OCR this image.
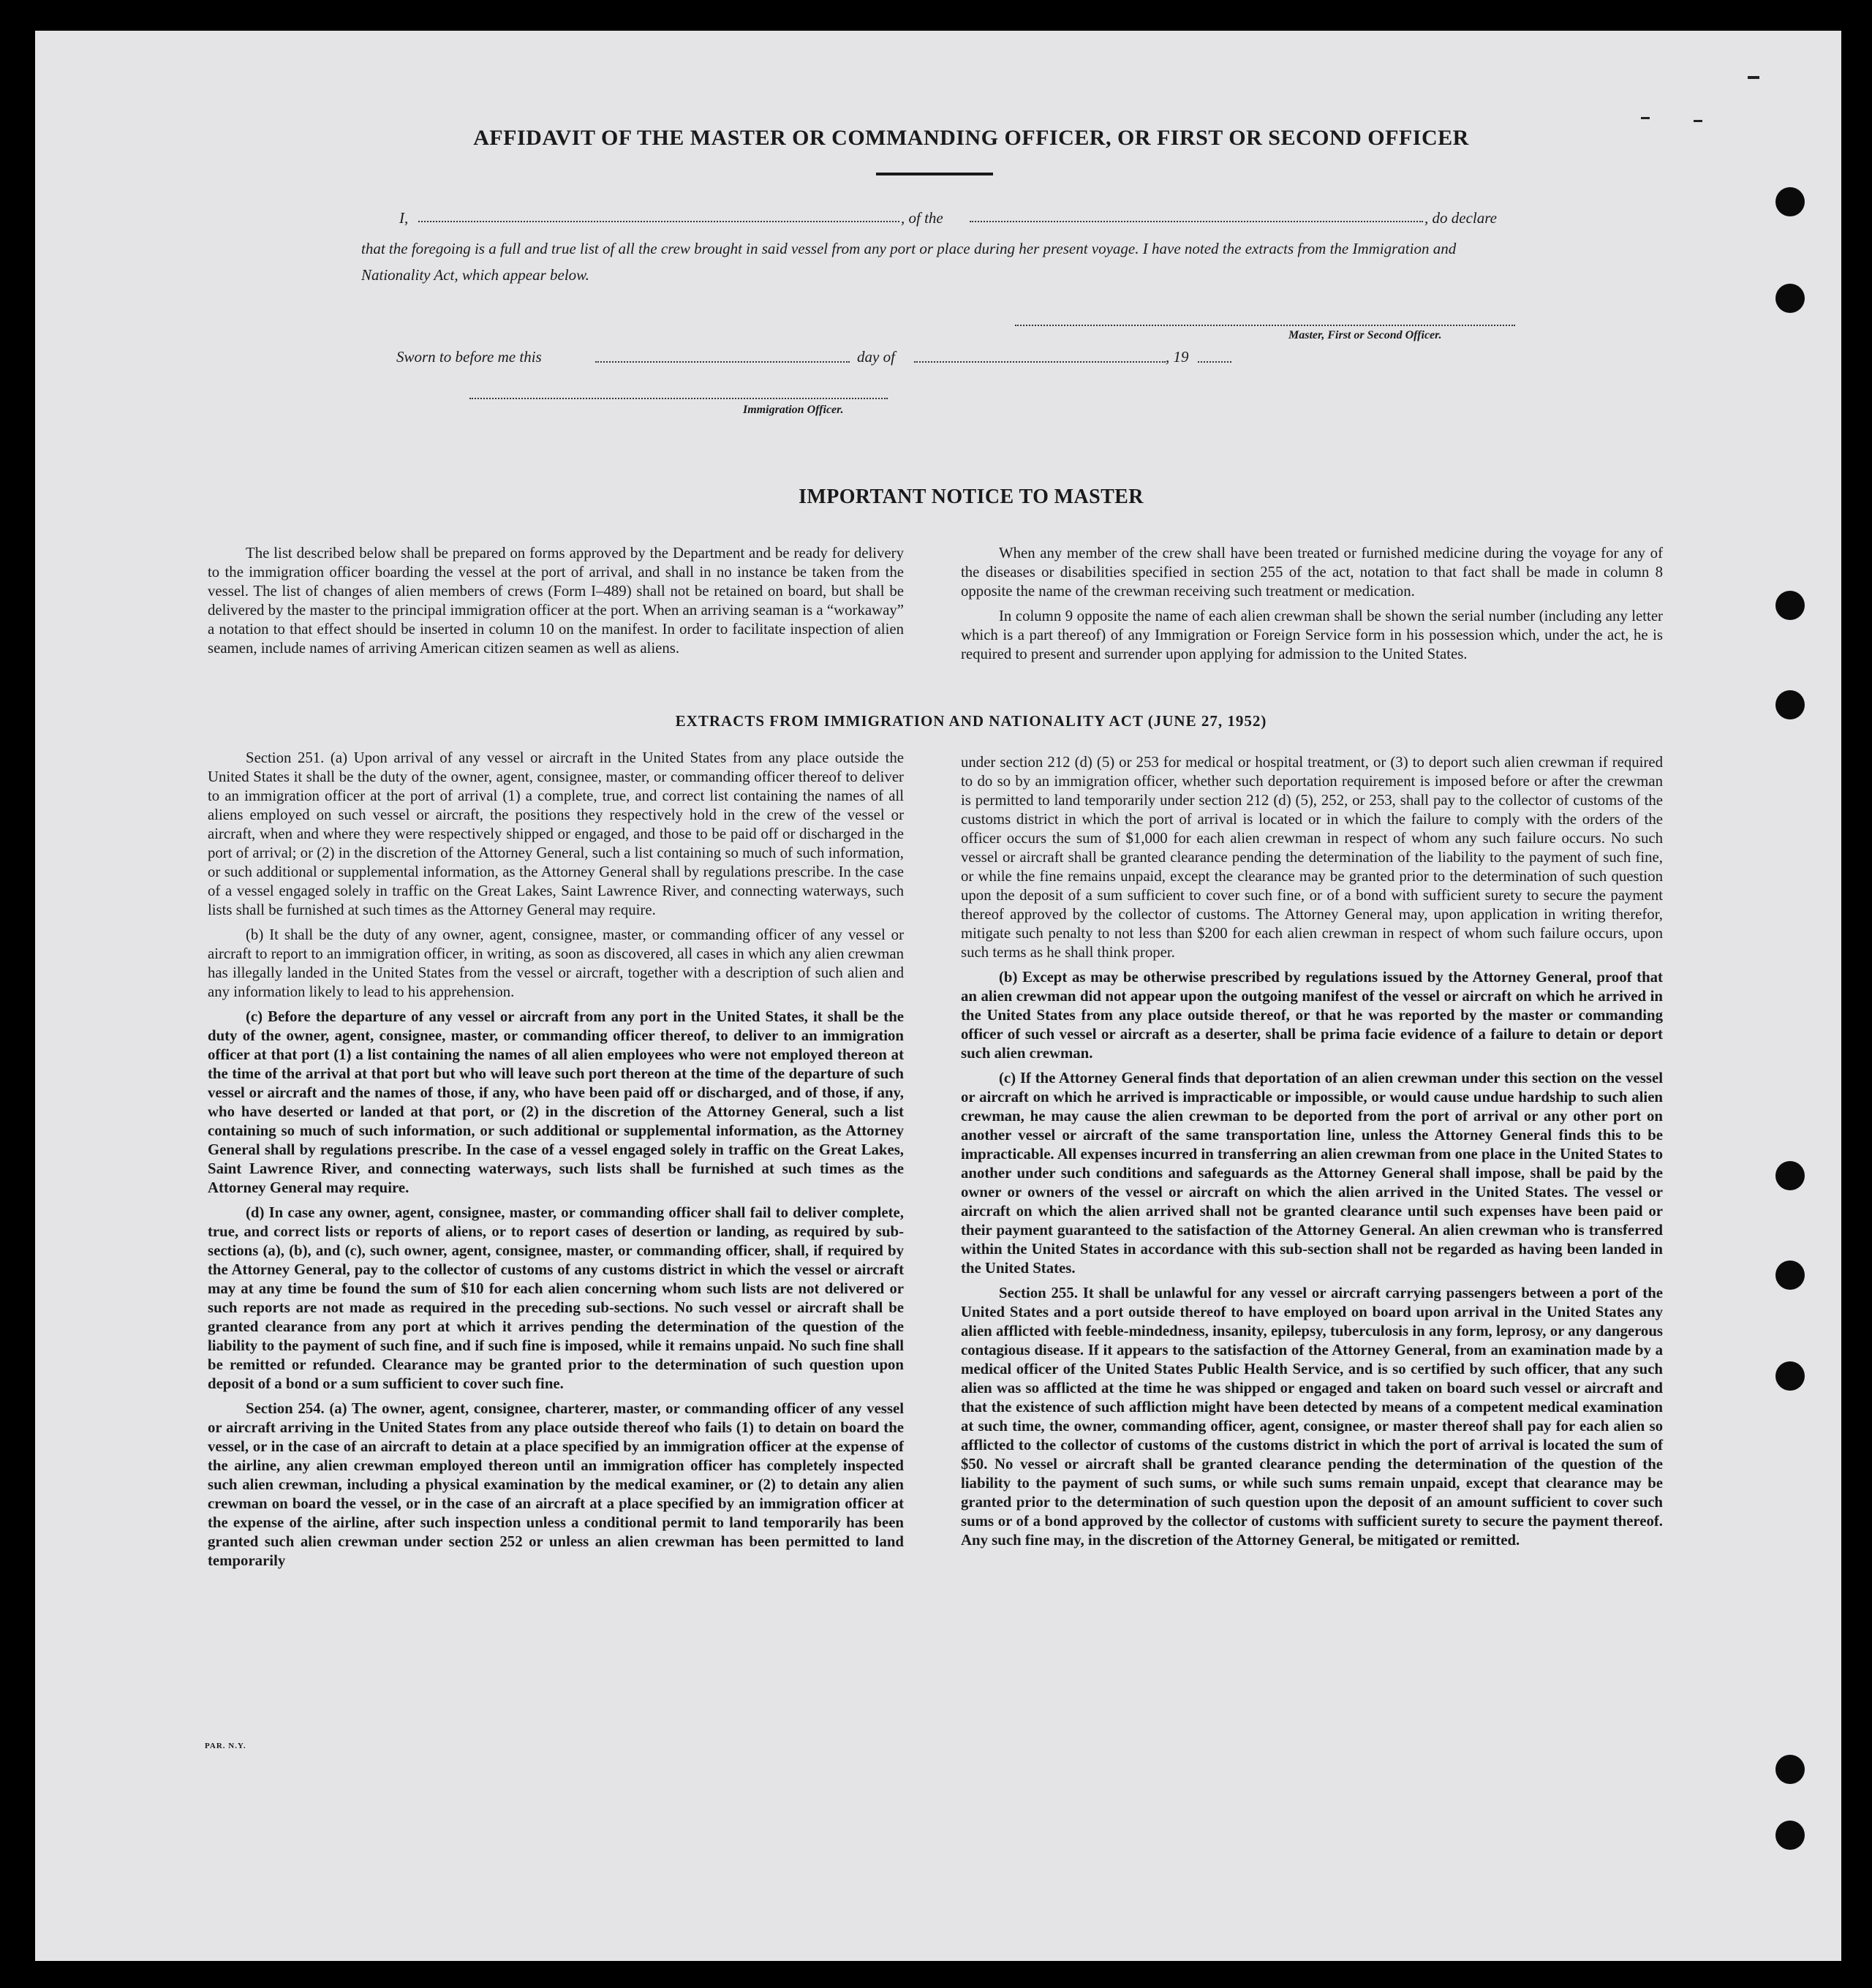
AFFIDAVIT OF THE MASTER OR COMMANDING OFFICER, OR FIRST OR SECOND OFFICER
I,	, of the	, do declare
that the foregoing is a full and true list of all the crew brought in said vessel from any port or place during her present voyage. I have noted the extracts from the Immigration and Nationality Act, which appear below.
Master, First or Second Officer.
Sworn to before me this	day of	, 19
Immigration Officer.
IMPORTANT NOTICE TO MASTER

The list described below shall be prepared on forms approved by the Department and be ready for delivery to the immigration officer boarding the vessel at the port of arrival, and shall in no instance be taken from the vessel. The list of changes of alien members of crews (Form I–489) shall not be retained on board, but shall be delivered by the master to the principal immigration officer at the port. When an arriving seaman is a “workaway” a notation to that effect should be inserted in column 10 on the manifest. In order to facilitate inspection of alien seamen, include names of arriving American citizen seamen as well as aliens.

When any member of the crew shall have been treated or furnished medicine during the voyage for any of the diseases or disabilities specified in section 255 of the act, notation to that fact shall be made in column 8 opposite the name of the crewman receiving such treatment or medication.

In column 9 opposite the name of each alien crewman shall be shown the serial number (including any letter which is a part thereof) of any Immigration or Foreign Service form in his possession which, under the act, he is required to present and surrender upon applying for admission to the United States.

EXTRACTS FROM IMMIGRATION AND NATIONALITY ACT (JUNE 27, 1952)

Section 251. (a) Upon arrival of any vessel or aircraft in the United States from any place outside the United States it shall be the duty of the owner, agent, consignee, master, or commanding officer thereof to deliver to an immigration officer at the port of arrival (1) a complete, true, and correct list containing the names of all aliens employed on such vessel or aircraft, the positions they respectively hold in the crew of the vessel or aircraft, when and where they were respectively shipped or engaged, and those to be paid off or discharged in the port of arrival; or (2) in the discretion of the Attorney General, such a list containing so much of such information, or such additional or supplemental information, as the Attorney General shall by regulations prescribe. In the case of a vessel engaged solely in traffic on the Great Lakes, Saint Lawrence River, and connecting waterways, such lists shall be furnished at such times as the Attorney General may require.

(b) It shall be the duty of any owner, agent, consignee, master, or commanding officer of any vessel or aircraft to report to an immigration officer, in writing, as soon as discovered, all cases in which any alien crewman has illegally landed in the United States from the vessel or aircraft, together with a description of such alien and any information likely to lead to his apprehension.

(c) Before the departure of any vessel or aircraft from any port in the United States, it shall be the duty of the owner, agent, consignee, master, or commanding officer thereof, to deliver to an immigration officer at that port (1) a list containing the names of all alien employees who were not employed thereon at the time of the arrival at that port but who will leave such port thereon at the time of the departure of such vessel or aircraft and the names of those, if any, who have been paid off or discharged, and of those, if any, who have deserted or landed at that port, or (2) in the discretion of the Attorney General, such a list containing so much of such information, or such additional or supplemental information, as the Attorney General shall by regulations prescribe. In the case of a vessel engaged solely in traffic on the Great Lakes, Saint Lawrence River, and connecting waterways, such lists shall be furnished at such times as the Attorney General may require.

(d) In case any owner, agent, consignee, master, or commanding officer shall fail to deliver complete, true, and correct lists or reports of aliens, or to report cases of desertion or landing, as required by sub-sections (a), (b), and (c), such owner, agent, consignee, master, or commanding officer, shall, if required by the Attorney General, pay to the collector of customs of any customs district in which the vessel or aircraft may at any time be found the sum of $10 for each alien concerning whom such lists are not delivered or such reports are not made as required in the preceding sub-sections. No such vessel or aircraft shall be granted clearance from any port at which it arrives pending the determination of the question of the liability to the payment of such fine, and if such fine is imposed, while it remains unpaid. No such fine shall be remitted or refunded. Clearance may be granted prior to the determination of such question upon deposit of a bond or a sum sufficient to cover such fine.

Section 254. (a) The owner, agent, consignee, charterer, master, or commanding officer of any vessel or aircraft arriving in the United States from any place outside thereof who fails (1) to detain on board the vessel, or in the case of an aircraft to detain at a place specified by an immigration officer at the expense of the airline, any alien crewman employed thereon until an immigration officer has completely inspected such alien crewman, including a physical examination by the medical examiner, or (2) to detain any alien crewman on board the vessel, or in the case of an aircraft at a place specified by an immigration officer at the expense of the airline, after such inspection unless a conditional permit to land temporarily has been granted such alien crewman under section 252 or unless an alien crewman has been permitted to land temporarily

under section 212 (d) (5) or 253 for medical or hospital treatment, or (3) to deport such alien crewman if required to do so by an immigration officer, whether such deportation requirement is imposed before or after the crewman is permitted to land temporarily under section 212 (d) (5), 252, or 253, shall pay to the collector of customs of the customs district in which the port of arrival is located or in which the failure to comply with the orders of the officer occurs the sum of $1,000 for each alien crewman in respect of whom any such failure occurs. No such vessel or aircraft shall be granted clearance pending the determination of the liability to the payment of such fine, or while the fine remains unpaid, except the clearance may be granted prior to the determination of such question upon the deposit of a sum sufficient to cover such fine, or of a bond with sufficient surety to secure the payment thereof approved by the collector of customs. The Attorney General may, upon application in writing therefor, mitigate such penalty to not less than $200 for each alien crewman in respect of whom such failure occurs, upon such terms as he shall think proper.

(b) Except as may be otherwise prescribed by regulations issued by the Attorney General, proof that an alien crewman did not appear upon the outgoing manifest of the vessel or aircraft on which he arrived in the United States from any place outside thereof, or that he was reported by the master or commanding officer of such vessel or aircraft as a deserter, shall be prima facie evidence of a failure to detain or deport such alien crewman.

(c) If the Attorney General finds that deportation of an alien crewman under this section on the vessel or aircraft on which he arrived is impracticable or impossible, or would cause undue hardship to such alien crewman, he may cause the alien crewman to be deported from the port of arrival or any other port on another vessel or aircraft of the same transportation line, unless the Attorney General finds this to be impracticable. All expenses incurred in transferring an alien crewman from one place in the United States to another under such conditions and safeguards as the Attorney General shall impose, shall be paid by the owner or owners of the vessel or aircraft on which the alien arrived in the United States. The vessel or aircraft on which the alien arrived shall not be granted clearance until such expenses have been paid or their payment guaranteed to the satisfaction of the Attorney General. An alien crewman who is transferred within the United States in accordance with this sub-section shall not be regarded as having been landed in the United States.

Section 255. It shall be unlawful for any vessel or aircraft carrying passengers between a port of the United States and a port outside thereof to have employed on board upon arrival in the United States any alien afflicted with feeble-mindedness, insanity, epilepsy, tuberculosis in any form, leprosy, or any dangerous contagious disease. If it appears to the satisfaction of the Attorney General, from an examination made by a medical officer of the United States Public Health Service, and is so certified by such officer, that any such alien was so afflicted at the time he was shipped or engaged and taken on board such vessel or aircraft and that the existence of such affliction might have been detected by means of a competent medical examination at such time, the owner, commanding officer, agent, consignee, or master thereof shall pay for each alien so afflicted to the collector of customs of the customs district in which the port of arrival is located the sum of $50. No vessel or aircraft shall be granted clearance pending the determination of the question of the liability to the payment of such sums, or while such sums remain unpaid, except that clearance may be granted prior to the determination of such question upon the deposit of an amount sufficient to cover such sums or of a bond approved by the collector of customs with sufficient surety to secure the payment thereof. Any such fine may, in the discretion of the Attorney General, be mitigated or remitted.

PAR. N.Y.
